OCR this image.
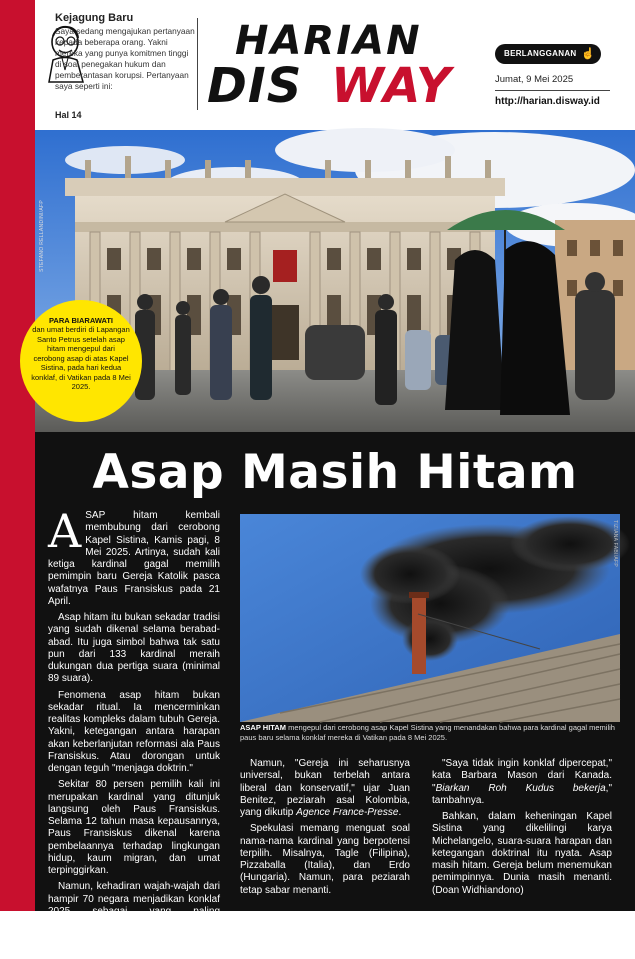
Kejagung Baru
Saya sedang mengajukan pertanyaan kepada beberapa orang. Yakni mereka yang punya komitmen tinggi di soal penegakan hukum dan pemberantasan korupsi. Pertanyaan saya seperti ini:
Hal 14
HARIAN
DIS WAY
BERLANGGANAN ☝
Jumat, 9 Mei 2025
http://harian.disway.id
STEFANO RELLANDINI/AFP
PARA BIARAWATI
dan umat berdiri di Lapangan Santo Petrus setelah asap hitam mengepul dari cerobong asap di atas Kapel Sistina, pada hari kedua konklaf, di Vatikan pada 8 Mei 2025.
Asap Masih Hitam

ASAP hitam kembali membubung dari cerobong Kapel Sistina, Kamis pagi, 8 Mei 2025. Artinya, sudah kali ketiga kardinal gagal memilih pemimpin baru Gereja Katolik pasca wafatnya Paus Fransiskus pada 21 April.

Asap hitam itu bukan sekadar tradisi yang sudah dikenal selama berabad-abad. Itu juga simbol bahwa tak satu pun dari 133 kardinal meraih dukungan dua pertiga suara (minimal 89 suara).

Fenomena asap hitam bukan sekadar ritual. Ia mencerminkan realitas kompleks dalam tubuh Gereja. Yakni, ketegangan antara harapan akan keberlanjutan reformasi ala Paus Fransiskus. Atau dorongan untuk dengan teguh "menjaga doktrin."

Sekitar 80 persen pemilih kali ini merupakan kardinal yang ditunjuk langsung oleh Paus Fransiskus. Selama 12 tahun masa kepausannya, Paus Fransiskus dikenal karena pembelaannya terhadap lingkungan hidup, kaum migran, dan umat terpinggirkan.

Namun, kehadiran wajah-wajah dari hampir 70 negara menjadikan konklaf 2025 sebagai yang paling internasional dalam sejarah. Artinya, ada peluang besar terjadinya ideologis.

TIZIANA FABI/AFP
ASAP HITAM mengepul dari cerobong asap Kapel Sistina yang menandakan bahwa para kardinal gagal memilih paus baru selama konklaf mereka di Vatikan pada 8 Mei 2025.

Namun, "Gereja ini seharusnya universal, bukan terbelah antara liberal dan konservatif," ujar Juan Benitez, peziarah asal Kolombia, yang dikutip Agence France-Presse.

Spekulasi memang menguat soal nama-nama kardinal yang berpotensi terpilih. Misalnya, Tagle (Filipina), Pizzaballa (Italia), dan Erdo (Hungaria). Namun, para peziarah tetap sabar menanti.

"Saya tidak ingin konklaf dipercepat," kata Barbara Mason dari Kanada. "Biarkan Roh Kudus bekerja," tambahnya.

Bahkan, dalam keheningan Kapel Sistina yang dikelilingi karya Michelangelo, suara-suara harapan dan ketegangan doktrinal itu nyata. Asap masih hitam. Gereja belum menemukan pemimpinnya. Dunia masih menanti. (Doan Widhiandono)
